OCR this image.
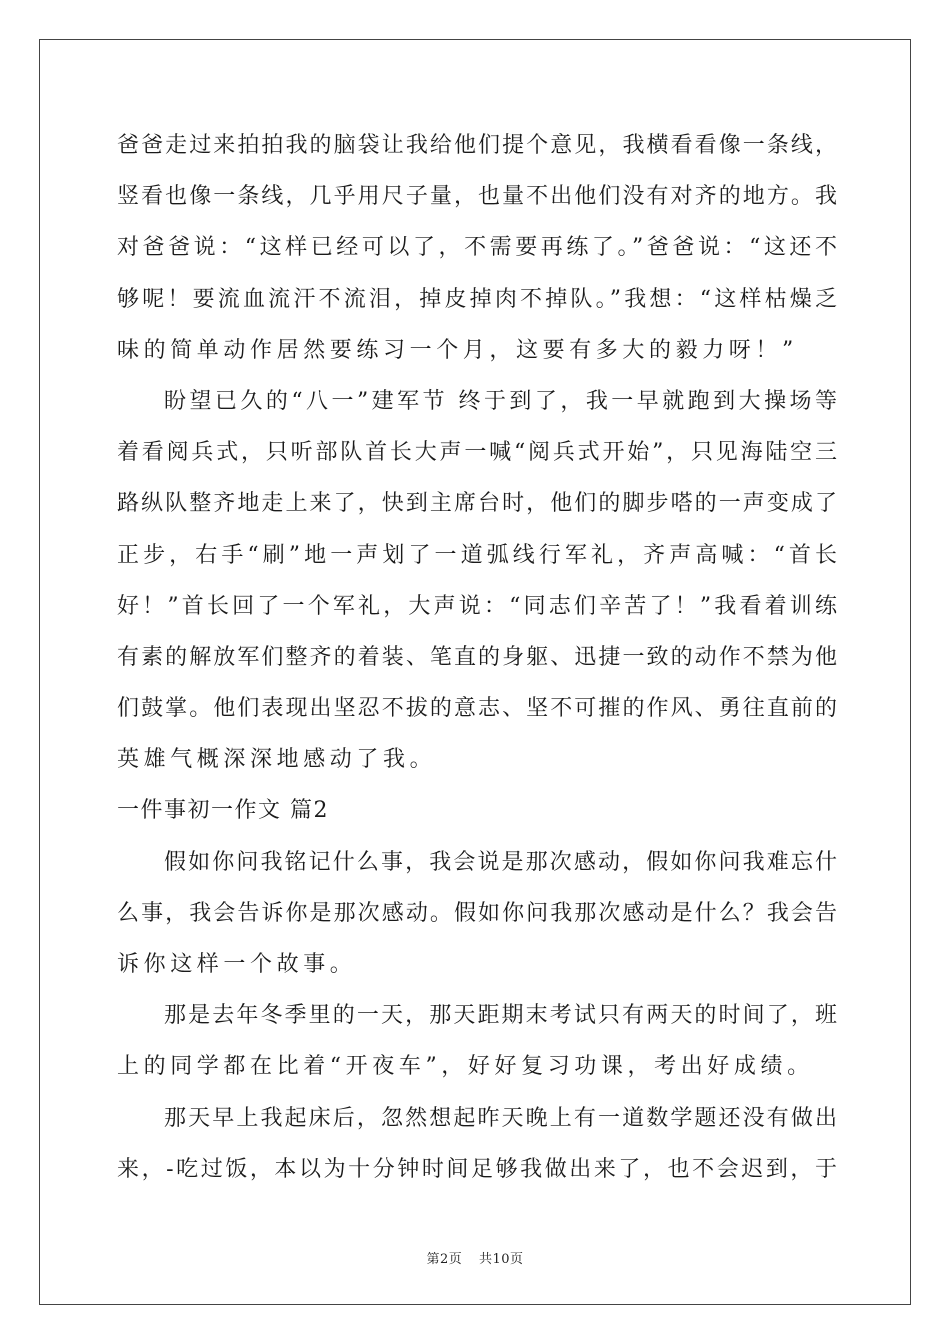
爸爸走过来拍拍我的脑袋让我给他们提个意见，我横看看像一条线，
竖看也像一条线，几乎用尺子量，也量不出他们没有对齐的地方。我
对爸爸说：“这样已经可以了，不需要再练了。”爸爸说：“这还不
够呢！要流血流汗不流泪，掉皮掉肉不掉队。”我想：“这样枯燥乏
味的简单动作居然要练习一个月，这要有多大的毅力呀！”
盼望已久的“八一”建军节 终于到了，我一早就跑到大操场等
着看阅兵式，只听部队首长大声一喊“阅兵式开始”，只见海陆空三
路纵队整齐地走上来了，快到主席台时，他们的脚步嗒的一声变成了
正步，右手“刷”地一声划了一道弧线行军礼，齐声高喊：“首长
好！”首长回了一个军礼，大声说：“同志们辛苦了！”我看着训练
有素的解放军们整齐的着装、笔直的身躯、迅捷一致的动作不禁为他
们鼓掌。他们表现出坚忍不拔的意志、坚不可摧的作风、勇往直前的
英雄气概深深地感动了我。
一件事初一作文 篇2
假如你问我铭记什么事，我会说是那次感动，假如你问我难忘什
么事，我会告诉你是那次感动。假如你问我那次感动是什么？我会告
诉你这样一个故事。
那是去年冬季里的一天，那天距期末考试只有两天的时间了，班
上的同学都在比着“开夜车”，好好复习功课，考出好成绩。
那天早上我起床后，忽然想起昨天晚上有一道数学题还没有做出
来，-吃过饭，本以为十分钟时间足够我做出来了，也不会迟到，于
第2页 共10页
